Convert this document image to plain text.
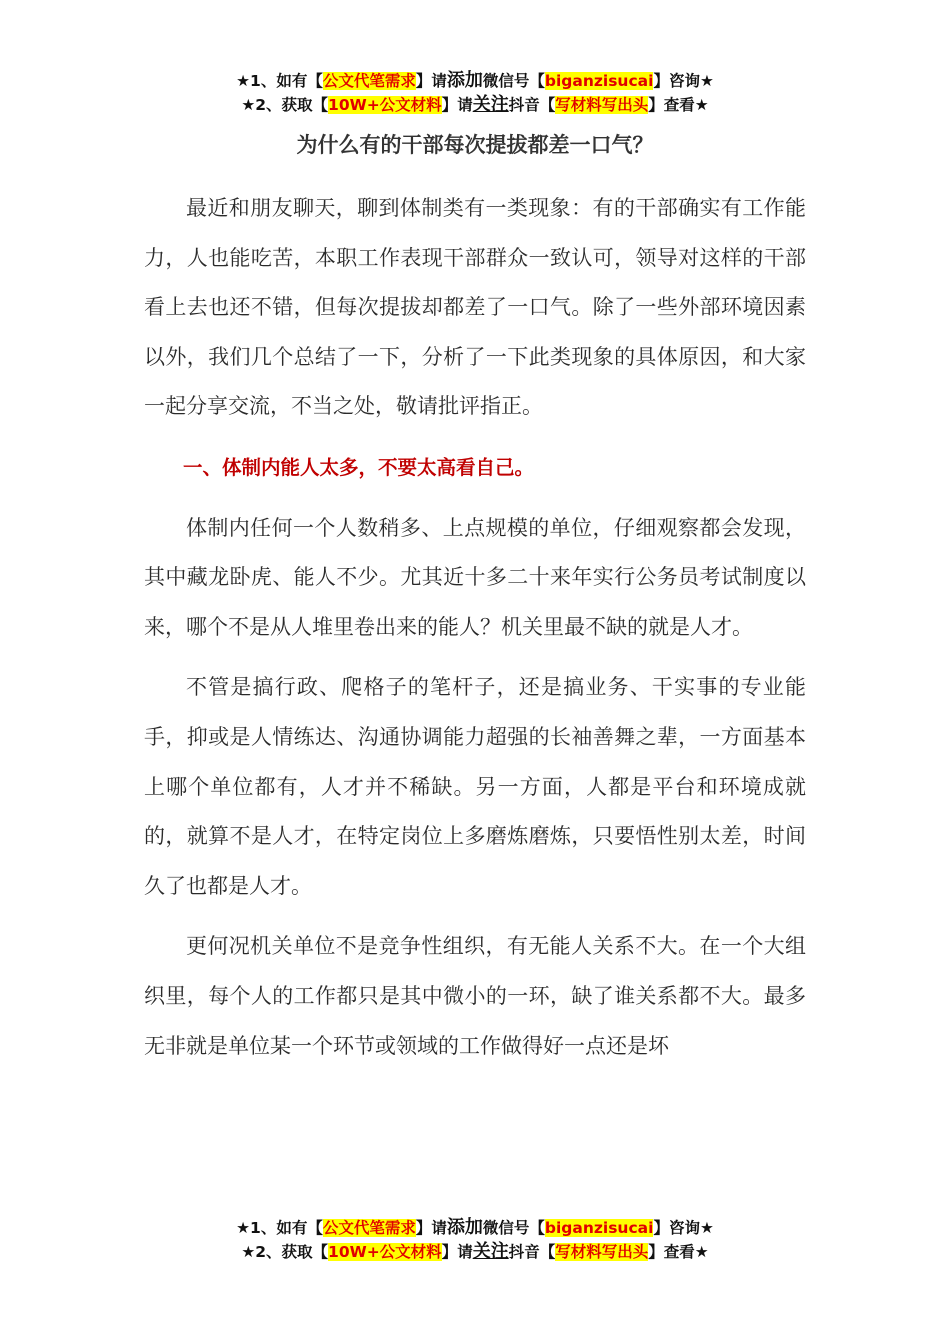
★1、如有【公文代笔需求】请添加微信号【biganzisucai】咨询★
★2、获取【10W+公文材料】请关注抖音【写材料写出头】查看★
为什么有的干部每次提拔都差一口气？

最近和朋友聊天，聊到体制类有一类现象：有的干部确实有工作能力，人也能吃苦，本职工作表现干部群众一致认可，领导对这样的干部看上去也还不错，但每次提拔却都差了一口气。除了一些外部环境因素以外，我们几个总结了一下，分析了一下此类现象的具体原因，和大家一起分享交流，不当之处，敬请批评指正。

一、体制内能人太多，不要太高看自己。

体制内任何一个人数稍多、上点规模的单位，仔细观察都会发现，其中藏龙卧虎、能人不少。尤其近十多二十来年实行公务员考试制度以来，哪个不是从人堆里卷出来的能人？机关里最不缺的就是人才。

不管是搞行政、爬格子的笔杆子，还是搞业务、干实事的专业能手，抑或是人情练达、沟通协调能力超强的长袖善舞之辈，一方面基本上哪个单位都有，人才并不稀缺。另一方面，人都是平台和环境成就的，就算不是人才，在特定岗位上多磨炼磨炼，只要悟性别太差，时间久了也都是人才。

更何况机关单位不是竞争性组织，有无能人关系不大。在一个大组织里，每个人的工作都只是其中微小的一环，缺了谁关系都不大。最多无非就是单位某一个环节或领域的工作做得好一点还是坏

★1、如有【公文代笔需求】请添加微信号【biganzisucai】咨询★
★2、获取【10W+公文材料】请关注抖音【写材料写出头】查看★
